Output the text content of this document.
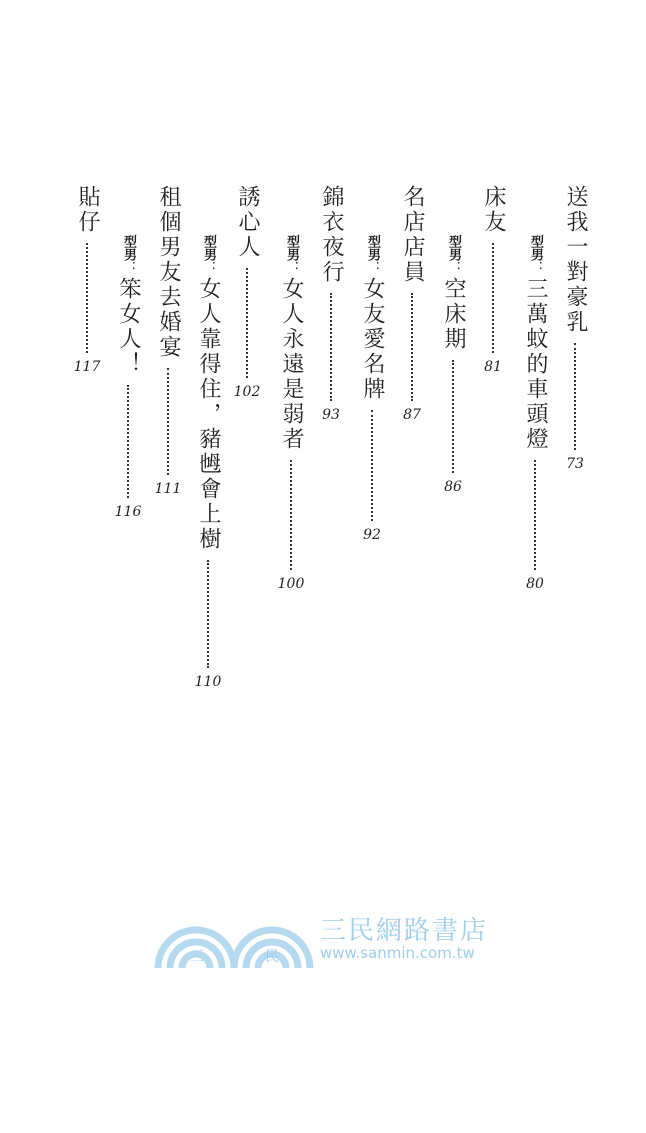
送我一對豪乳
73
型男：三萬蚊的車頭燈
80
床友
81
型男：空床期
86
名店店員
87
型男：女友愛名牌
92
錦衣夜行
93
型男：女人永遠是弱者
100
誘心人
102
型男：女人靠得住，豬乸會上樹
110
租個男友去婚宴
111
型男：笨女人！
116
貼仔
117
三	民
三民網路書店
www.sanmin.com.tw
